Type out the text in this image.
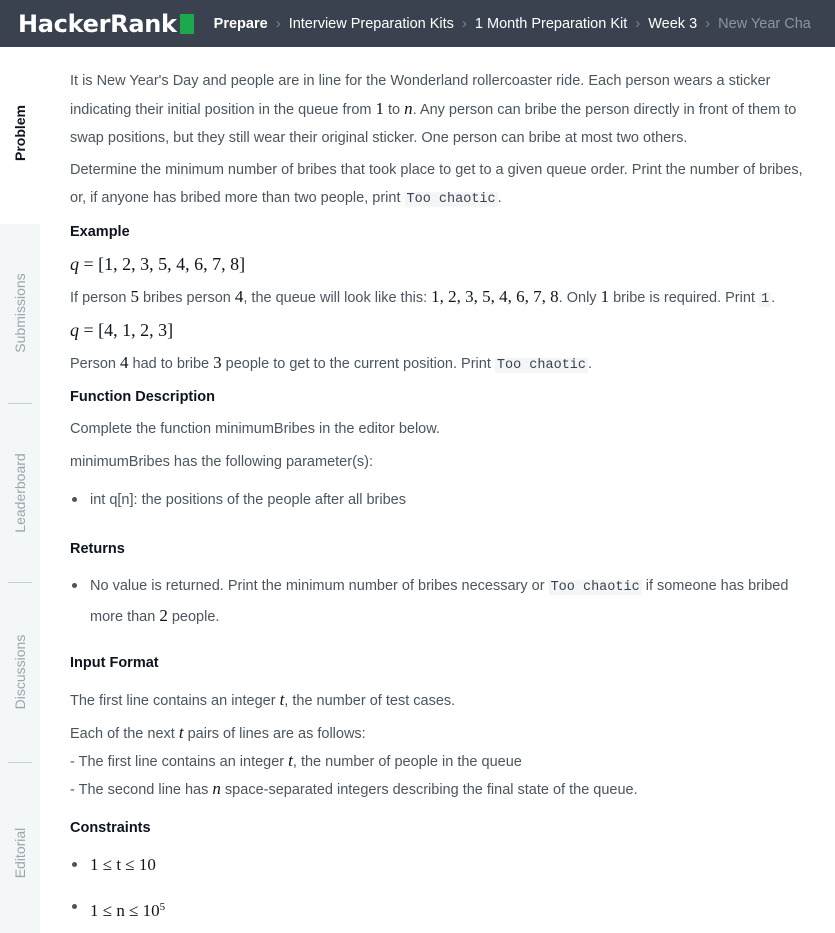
HackerRank	Prepare › Interview Preparation Kits › 1 Month Preparation Kit › Week 3 › New Year Cha
Problem
Submissions
Leaderboard
Discussions
Editorial
It is New Year's Day and people are in line for the Wonderland rollercoaster ride. Each person wears a sticker indicating their initial position in the queue from 1 to n. Any person can bribe the person directly in front of them to swap positions, but they still wear their original sticker. One person can bribe at most two others.
Determine the minimum number of bribes that took place to get to a given queue order. Print the number of bribes, or, if anyone has bribed more than two people, print Too chaotic .
Example
q = [1, 2, 3, 5, 4, 6, 7, 8]
If person 5 bribes person 4, the queue will look like this: 1, 2, 3, 5, 4, 6, 7, 8. Only 1 bribe is required. Print 1 .
q = [4, 1, 2, 3]
Person 4 had to bribe 3 people to get to the current position. Print Too chaotic .
Function Description
Complete the function minimumBribes in the editor below.
minimumBribes has the following parameter(s):
int q[n]: the positions of the people after all bribes
Returns
No value is returned. Print the minimum number of bribes necessary or Too chaotic if someone has bribed more than 2 people.
Input Format
The first line contains an integer t, the number of test cases.
Each of the next t pairs of lines are as follows:
- The first line contains an integer t, the number of people in the queue
- The second line has n space-separated integers describing the final state of the queue.
Constraints
1 ≤ t ≤ 10
$1 \le n \le 10^5$
